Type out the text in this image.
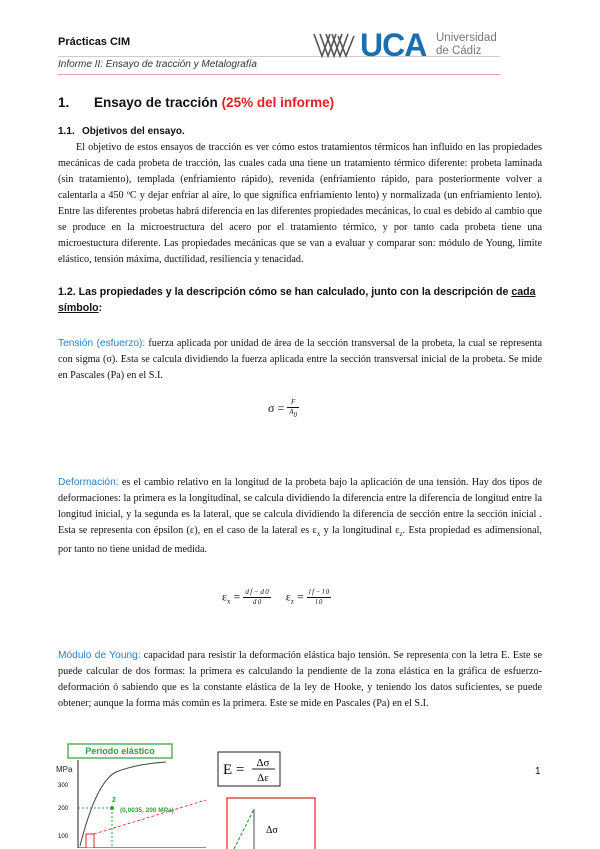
Prácticas CIM
Informe II: Ensayo de tracción y Metalografía
UCA Universidad
de Cádiz
1. Ensayo de tracción (25% del informe)
1.1. Objetivos del ensayo.
El objetivo de estos ensayos de tracción es ver cómo estos tratamientos térmicos han influido en las propiedades mecánicas de cada probeta de tracción, las cuales cada una tiene un tratamiento térmico diferente: probeta laminada (sin tratamiento), templada (enfriamiento rápido), revenida (enfriamiento rápido, para posteriormente volver a calentarla a 450 ºC y dejar enfriar al aire, lo que significa enfriamiento lento) y normalizada (un enfriamiento lento). Entre las diferentes probetas habrá diferencia en las diferentes propiedades mecánicas, lo cual es debido al cambio que se produce en la microestructura del acero por el tratamiento térmico, y por tanto cada probeta tiene una microestuctura diferente. Las propiedades mecánicas que se van a evaluar y comparar son: módulo de Young, límite elástico, tensión máxima, ductilidad, resiliencia y tenacidad.
1.2. Las propiedades y la descripción cómo se han calculado, junto con la descripción de cada símbolo:
Tensión (esfuerzo): fuerza aplicada por unidad de área de la sección transversal de la probeta, la cual se representa con sigma (σ). Esta se calcula dividiendo la fuerza aplicada entre la sección transversal inicial de la probeta. Se mide en Pascales (Pa) en el S.I.
$\sigma = \frac{F}{A0}$
Deformación: es el cambio relativo en la longitud de la probeta bajo la aplicación de una tensión. Hay dos tipos de deformaciones: la primera es la longitudinal, se calcula dividiendo la diferencia entre la diferencia de longitud entre la longitud inicial, y la segunda es la lateral, que se calcula dividiendo la diferencia de sección entre la sección inicial . Esta se representa con épsilon (ε), en el caso de la lateral es $\varepsilon_x$ y la longitudinal $\varepsilon_z$. Esta propiedad es adimensional, por tanto no tiene unidad de medida.
$\varepsilon_x = \frac{\text{d f − d 0}}{d 0} \varepsilon_z = \frac{\text{l f − l 0}}{l 0}$
Módulo de Young: capacidad para resistir la deformación elástica bajo tensión. Se representa con la letra E. Este se puede calcular de dos formas: la primera es calculando la pendiente de la zona elástica en la gráfica de esfuerzo-deformación ó sabiendo que es la constante elástica de la ley de Hooke, y teniendo los datos suficientes, se puede obtener; aunque la forma más común es la primera. Este se mide en Pascales (Pa) en el S.I.
Periodo elástico
MPa
300
200
100
2
(0,0035, 200 MPa)
E = Δσ
Δε
Δσ
1
